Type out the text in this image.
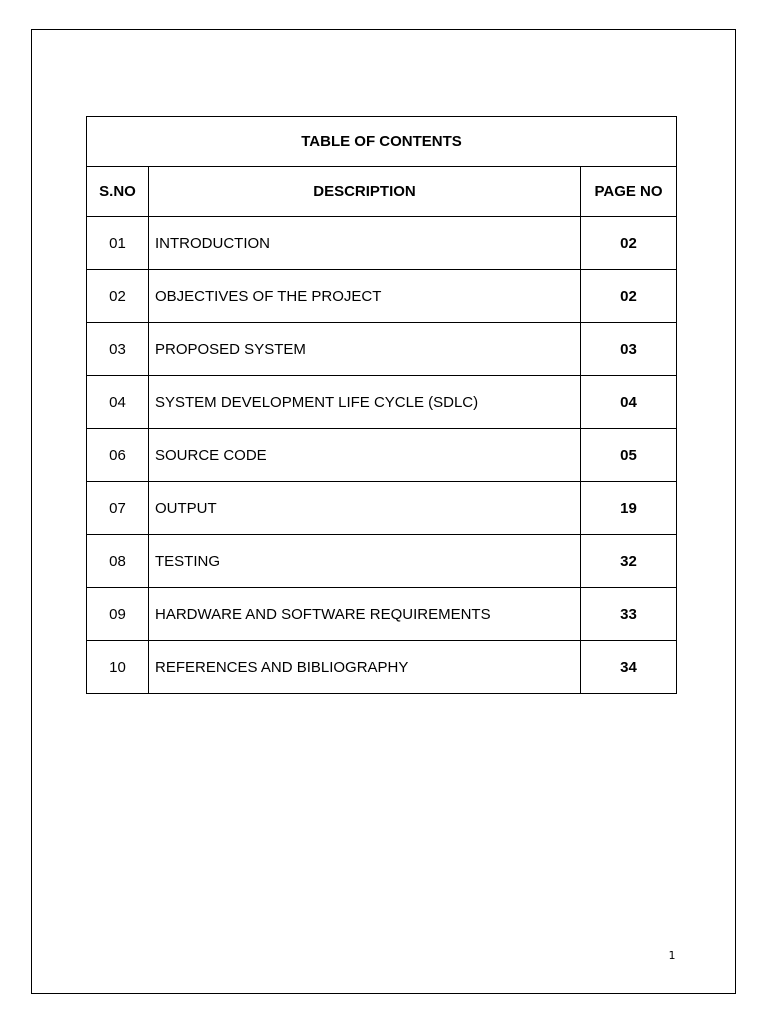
TABLE OF CONTENTS		
S.NO	DESCRIPTION	PAGE NO
01	INTRODUCTION	02
02	OBJECTIVES OF THE PROJECT	02
03	PROPOSED SYSTEM	03
04	SYSTEM DEVELOPMENT LIFE CYCLE (SDLC)	04
06	SOURCE CODE	05
07	OUTPUT	19
08	TESTING	32
09	HARDWARE AND SOFTWARE REQUIREMENTS	33
10	REFERENCES AND BIBLIOGRAPHY	34
1
